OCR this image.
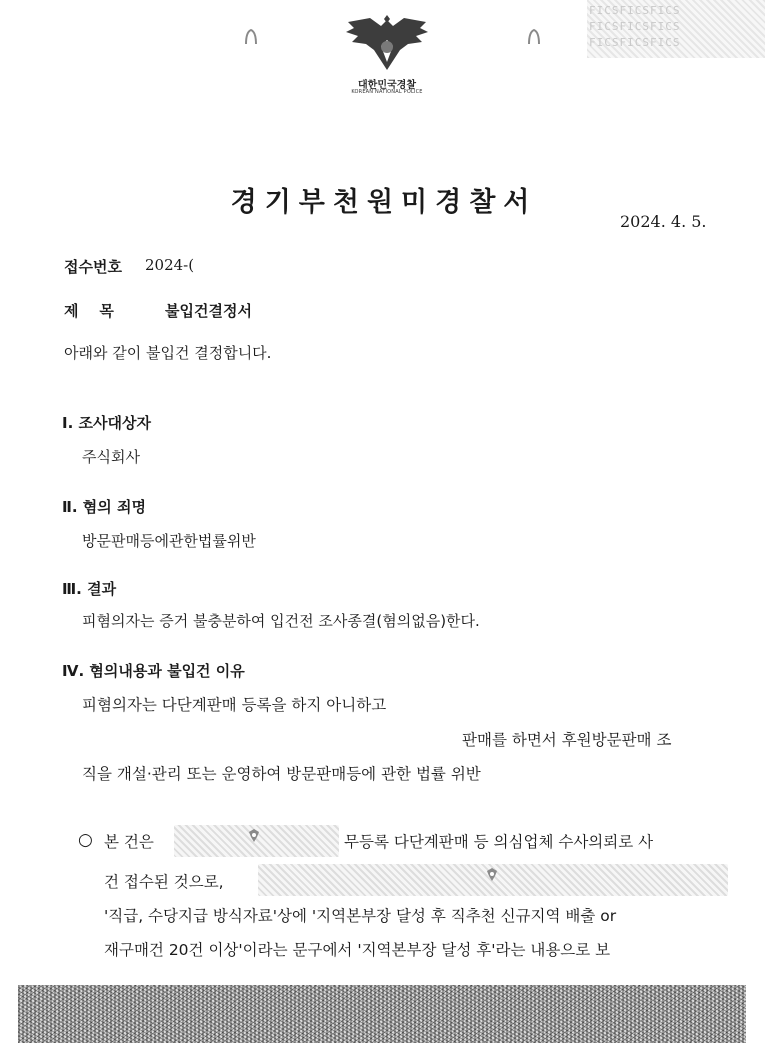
대한민국경찰
KOREAN NATIONAL POLICE
FICSFICSFICS
FICSFICSFICS
FICSFICSFICS
경기부천원미경찰서
2024. 4. 5.
접수번호 2024-(
제    목	불입건결정서
아래와 같이 불입건 결정합니다.
Ⅰ. 조사대상자
주식회사
Ⅱ. 혐의 죄명
방문판매등에관한법률위반
Ⅲ. 결과
피혐의자는 증거 불충분하여 입건전 조사종결(혐의없음)한다.
Ⅳ. 혐의내용과 불입건 이유
피혐의자는 다단계판매 등록을 하지 아니하고
판매를 하면서 후원방문판매 조
직을 개설·관리 또는 운영하여 방문판매등에 관한 법률 위반
○ 본 건은	무등록 다단계판매 등 의심업체 수사의뢰로 사
건 접수된 것으로,
'직급, 수당지급 방식자료'상에 '지역본부장 달성 후 직추천 신규지역 배출 or
재구매건 20건 이상'이라는 문구에서 '지역본부장 달성 후'라는 내용으로 보
